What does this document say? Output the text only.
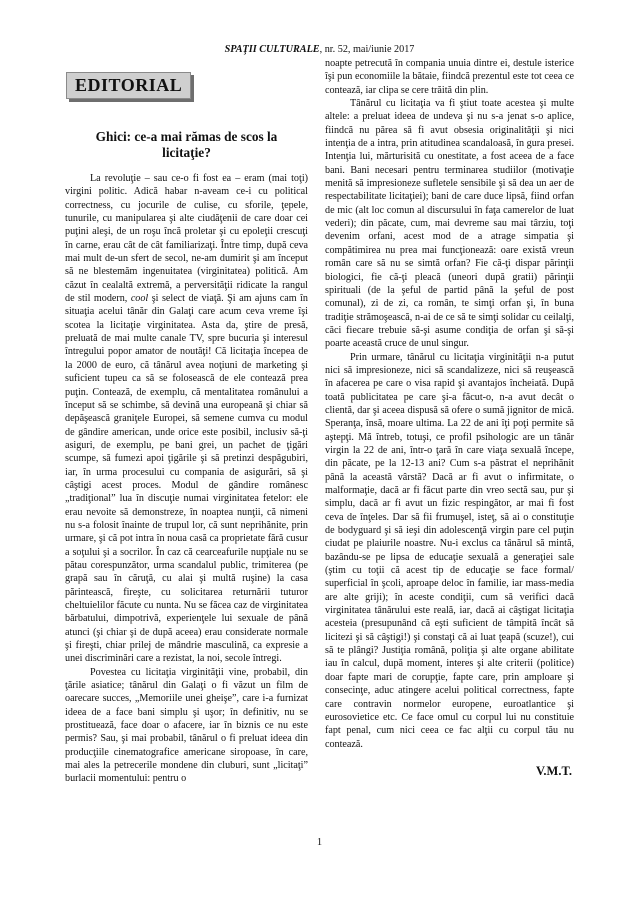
SPAŢII CULTURALE, nr. 52, mai/iunie 2017
EDITORIAL
Ghici: ce-a mai rămas de scos la licitaţie?

La revoluţie – sau ce-o fi fost ea – eram (mai toţi) virgini politic. Adică habar n-aveam ce-i cu political correctness, cu jocurile de culise, cu sforile, ţepele, tunurile, cu manipularea şi alte ciudăţenii de care doar cei puţini aleşi, de un roşu încă proletar şi cu epoleţii crescuţi în carne, erau cât de cât familiarizaţi. Între timp, după ceva mai mult de-un sfert de secol, ne-am dumirit şi am început să ne blestemăm ingenuitatea (virginitatea) politică. Am căzut în cealaltă extremă, a perversităţii ridicate la rangul de stil modern, cool şi select de viaţă. Şi am ajuns cam în situaţia acelui tânăr din Galaţi care acum ceva vreme îşi scotea la licitaţie virginitatea. Asta da, ştire de presă, preluată de mai multe canale TV, spre bucuria şi interesul întregului popor amator de noutăţi! Că licitaţia începea de la 2000 de euro, că tânărul avea noţiuni de marketing şi suficient tupeu ca să se folosească de ele contează prea puţin. Contează, de exemplu, că mentalitatea românului a început să se schimbe, să devină una europeană şi chiar să depăşească graniţele Europei, să semene cumva cu modul de gândire american, unde orice este posibil, inclusiv să-ţi asiguri, de exemplu, pe bani grei, un pachet de ţigări scumpe, să fumezi apoi ţigările şi să pretinzi despăgubiri, iar, în urma procesului cu compania de asigurări, să şi câştigi acest proces. Modul de gândire românesc „tradiţional” lua în discuţie numai virginitatea fetelor: ele erau nevoite să demonstreze, în noaptea nunţii, că nimeni nu s-a folosit înainte de trupul lor, că sunt neprihănite, prin urmare, şi că pot intra în noua casă ca proprietate fără cusur a soţului şi a socrilor. În caz că cearceafurile nupţiale nu se pătau corespunzător, urma scandalul public, trimiterea (pe grapă sau în căruţă, cu alai şi multă ruşine) la casa părintească, fireşte, cu solicitarea returnării tuturor cheltuielilor făcute cu nunta. Nu se făcea caz de virginitatea bărbatului, dimpotrivă, experienţele lui sexuale de până atunci (şi chiar şi de după aceea) erau considerate normale şi fireşti, chiar prilej de mândrie masculină, ca expresie a unei discriminări care a rezistat, la noi, secole întregi.

Povestea cu licitaţia virginităţii vine, probabil, din ţările asiatice; tânărul din Galaţi o fi văzut un film de oarecare succes, „Memoriile unei gheişe”, care i-a furnizat ideea de a face bani simplu şi uşor; în definitiv, nu se prostituează, face doar o afacere, iar în biznis ce nu este permis? Sau, şi mai probabil, tânărul o fi preluat ideea din producţiile cinematografice americane siropoase, în care, mai ales la petrecerile mondene din cluburi, sunt „licitaţi” burlacii momentului: pentru o

noapte petrecută în compania unuia dintre ei, destule isterice îşi pun economiile la bătaie, fiindcă prezentul este tot ceea ce contează, iar clipa se cere trăită din plin.

Tânărul cu licitaţia va fi ştiut toate acestea şi multe altele: a preluat ideea de undeva şi nu s-a jenat s-o aplice, fiindcă nu părea să fi avut obsesia originalităţii şi nici intenţia de a intra, prin atitudinea scandaloasă, în gura presei. Intenţia lui, mărturisită cu onestitate, a fost aceea de a face bani. Bani necesari pentru terminarea studiilor (motivaţie menită să impresioneze sufletele sensibile şi să dea un aer de respectabilitate licitaţiei); bani de care duce lipsă, fiind orfan de mic (alt loc comun al discursului în faţa camerelor de luat vederi); din păcate, cum, mai devreme sau mai târziu, toţi devenim orfani, acest mod de a atrage simpatia şi compătimirea nu prea mai funcţionează: oare există vreun român care să nu se simtă orfan? Fie că-ţi dispar părinţii biologici, fie că-ţi pleacă (uneori după gratii) părinţii spirituali (de la şeful de partid până la şeful de post comunal), zi de zi, ca român, te simţi orfan şi, în buna tradiţie strămoşească, n-ai de ce să te simţi solidar cu ceilalţi, căci fiecare trebuie să-şi asume condiţia de orfan şi să-şi poarte această cruce de unul singur.

Prin urmare, tânărul cu licitaţia virginităţii n-a putut nici să impresioneze, nici să scandalizeze, nici să reuşească în afacerea pe care o visa rapid şi avantajos încheiată. După toată publicitatea pe care şi-a făcut-o, n-a avut decât o clientă, dar şi aceea dispusă să ofere o sumă jignitor de mică. Speranţa, însă, moare ultima. La 22 de ani îţi poţi permite să aştepţi. Mă întreb, totuşi, ce profil psihologic are un tânăr virgin la 22 de ani, într-o ţară în care viaţa sexuală începe, din păcate, pe la 12-13 ani? Cum s-a păstrat el neprihănit până la această vârstă? Dacă ar fi avut o infirmitate, o malformaţie, dacă ar fi făcut parte din vreo sectă sau, pur şi simplu, dacă ar fi avut un fizic respingător, ar mai fi fost ceva de înţeles. Dar să fii frumuşel, isteţ, să ai o constituţie de bodyguard şi să ieşi din adolescenţă virgin pare cel puţin ciudat pe plaiurile noastre. Nu-i exclus ca tânărul să mintă, bazându-se pe lipsa de educaţie sexuală a generaţiei sale (ştim cu toţii că acest tip de educaţie se face formal/ superficial în şcoli, aproape deloc în familie, iar mass-media are alte griji); în aceste condiţii, cum să verifici dacă virginitatea tânărului este reală, iar, dacă ai câştigat licitaţia acesteia (presupunând că eşti suficient de tâmpită încât să licitezi şi să câştigi!) şi constaţi că ai luat ţeapă (scuze!), cui să te plângi? Justiţia română, poliţia şi alte organe abilitate iau în calcul, după moment, interes şi alte criterii (politice) doar fapte mari de corupţie, fapte care, prin amploare şi consecinţe, aduc atingere acelui political correctness, fapte care contravin normelor europene, euroatlantice şi eurosovietice etc. Ce face omul cu corpul lui nu constituie fapt penal, cum nici ceea ce fac alţii cu corpul tău nu contează.

V.M.T.
1
